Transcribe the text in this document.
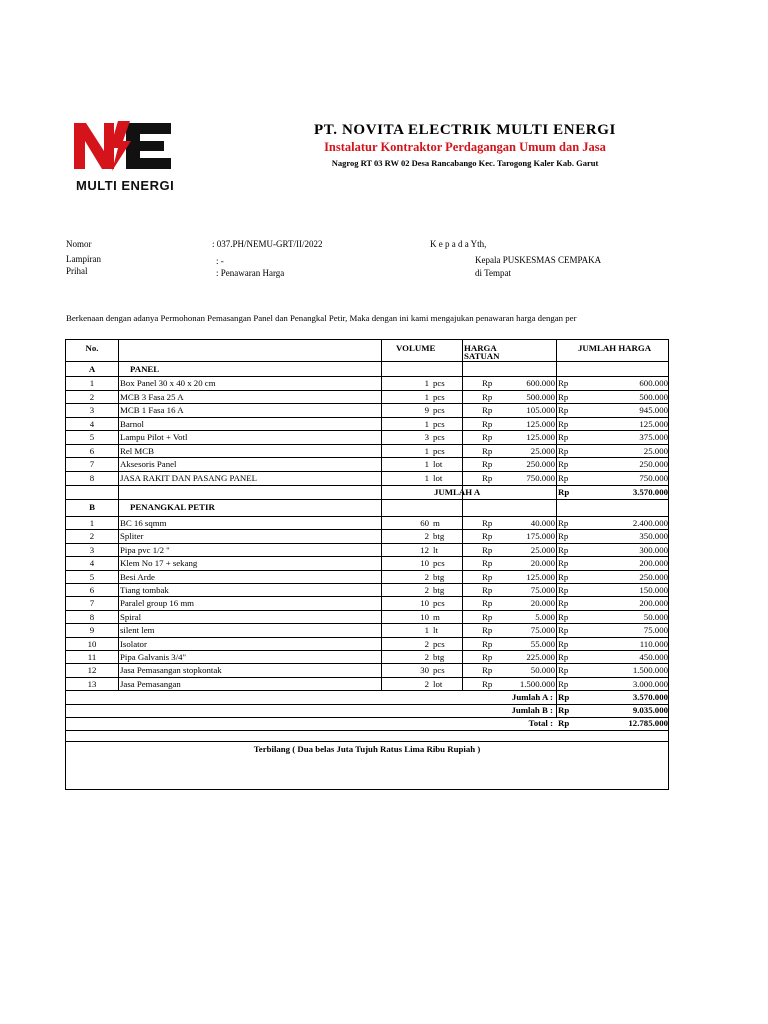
MULTI ENERGI
PT. NOVITA ELECTRIK MULTI ENERGI
Instalatur Kontraktor Perdagangan Umum dan Jasa
Nagrog RT 03 RW 02 Desa Rancabango Kec. Tarogong Kaler Kab. Garut
Nomor	: 037.PH/NEMU-GRT/II/2022
Lampiran	: -
Prihal	: Penawaran Harga
K e p a d a Yth,
Kepala PUSKESMAS CEMPAKA
di Tempat
Berkenaan dengan adanya Permohonan Pemasangan Panel dan Penangkal Petir, Maka dengan ini kami mengajukan penawaran harga dengan per
No.	VOLUME	HARGA	JUMLAH HARGA
SATUAN
A	PANEL
1	Box Panel 30 x 40 x 20 cm	1 pcs	Rp	600.000 Rp	600.000
2	MCB 3 Fasa 25 A	1 pcs	Rp	500.000 Rp	500.000
3	MCB 1 Fasa 16 A	9 pcs	Rp	105.000 Rp	945.000
4	Barnol	1 pcs	Rp	125.000 Rp	125.000
5	Lampu Pilot + Votl	3 pcs	Rp	125.000 Rp	375.000
6	Rel MCB	1 pcs	Rp	25.000 Rp	25.000
7	Aksesoris Panel	1 lot	Rp	250.000 Rp	250.000
8	JASA RAKIT DAN PASANG PANEL	1 lot	Rp	750.000 Rp	750.000
JUMLAH A	Rp	3.570.000
B	PENANGKAL PETIR
1	BC 16 sqmm	60 m	Rp	40.000 Rp	2.400.000
2	Spliter	2 btg	Rp	175.000 Rp	350.000
3	Pipa pvc 1/2 "	12 lt	Rp	25.000 Rp	300.000
4	Klem No 17 + sekang	10 pcs	Rp	20.000 Rp	200.000
5	Besi Arde	2 btg	Rp	125.000 Rp	250.000
6	Tiang tombak	2 btg	Rp	75.000 Rp	150.000
7	Paralel group 16 mm	10 pcs	Rp	20.000 Rp	200.000
8	Spiral	10 m	Rp	5.000 Rp	50.000
9	silent lem	1 lt	Rp	75.000 Rp	75.000
10	Isolator	2 pcs	Rp	55.000 Rp	110.000
11	Pipa Galvanis 3/4"	2 btg	Rp	225.000 Rp	450.000
12	Jasa Pemasangan stopkontak	30 pcs	Rp	50.000 Rp	1.500.000
13	Jasa Pemasangan	2 lot	Rp	1.500.000 Rp	3.000.000
Jumlah A : Rp	3.570.000
Jumlah B : Rp	9.035.000
Total : Rp	12.785.000
Terbilang ( Dua belas Juta Tujuh Ratus Lima Ribu Rupiah )
